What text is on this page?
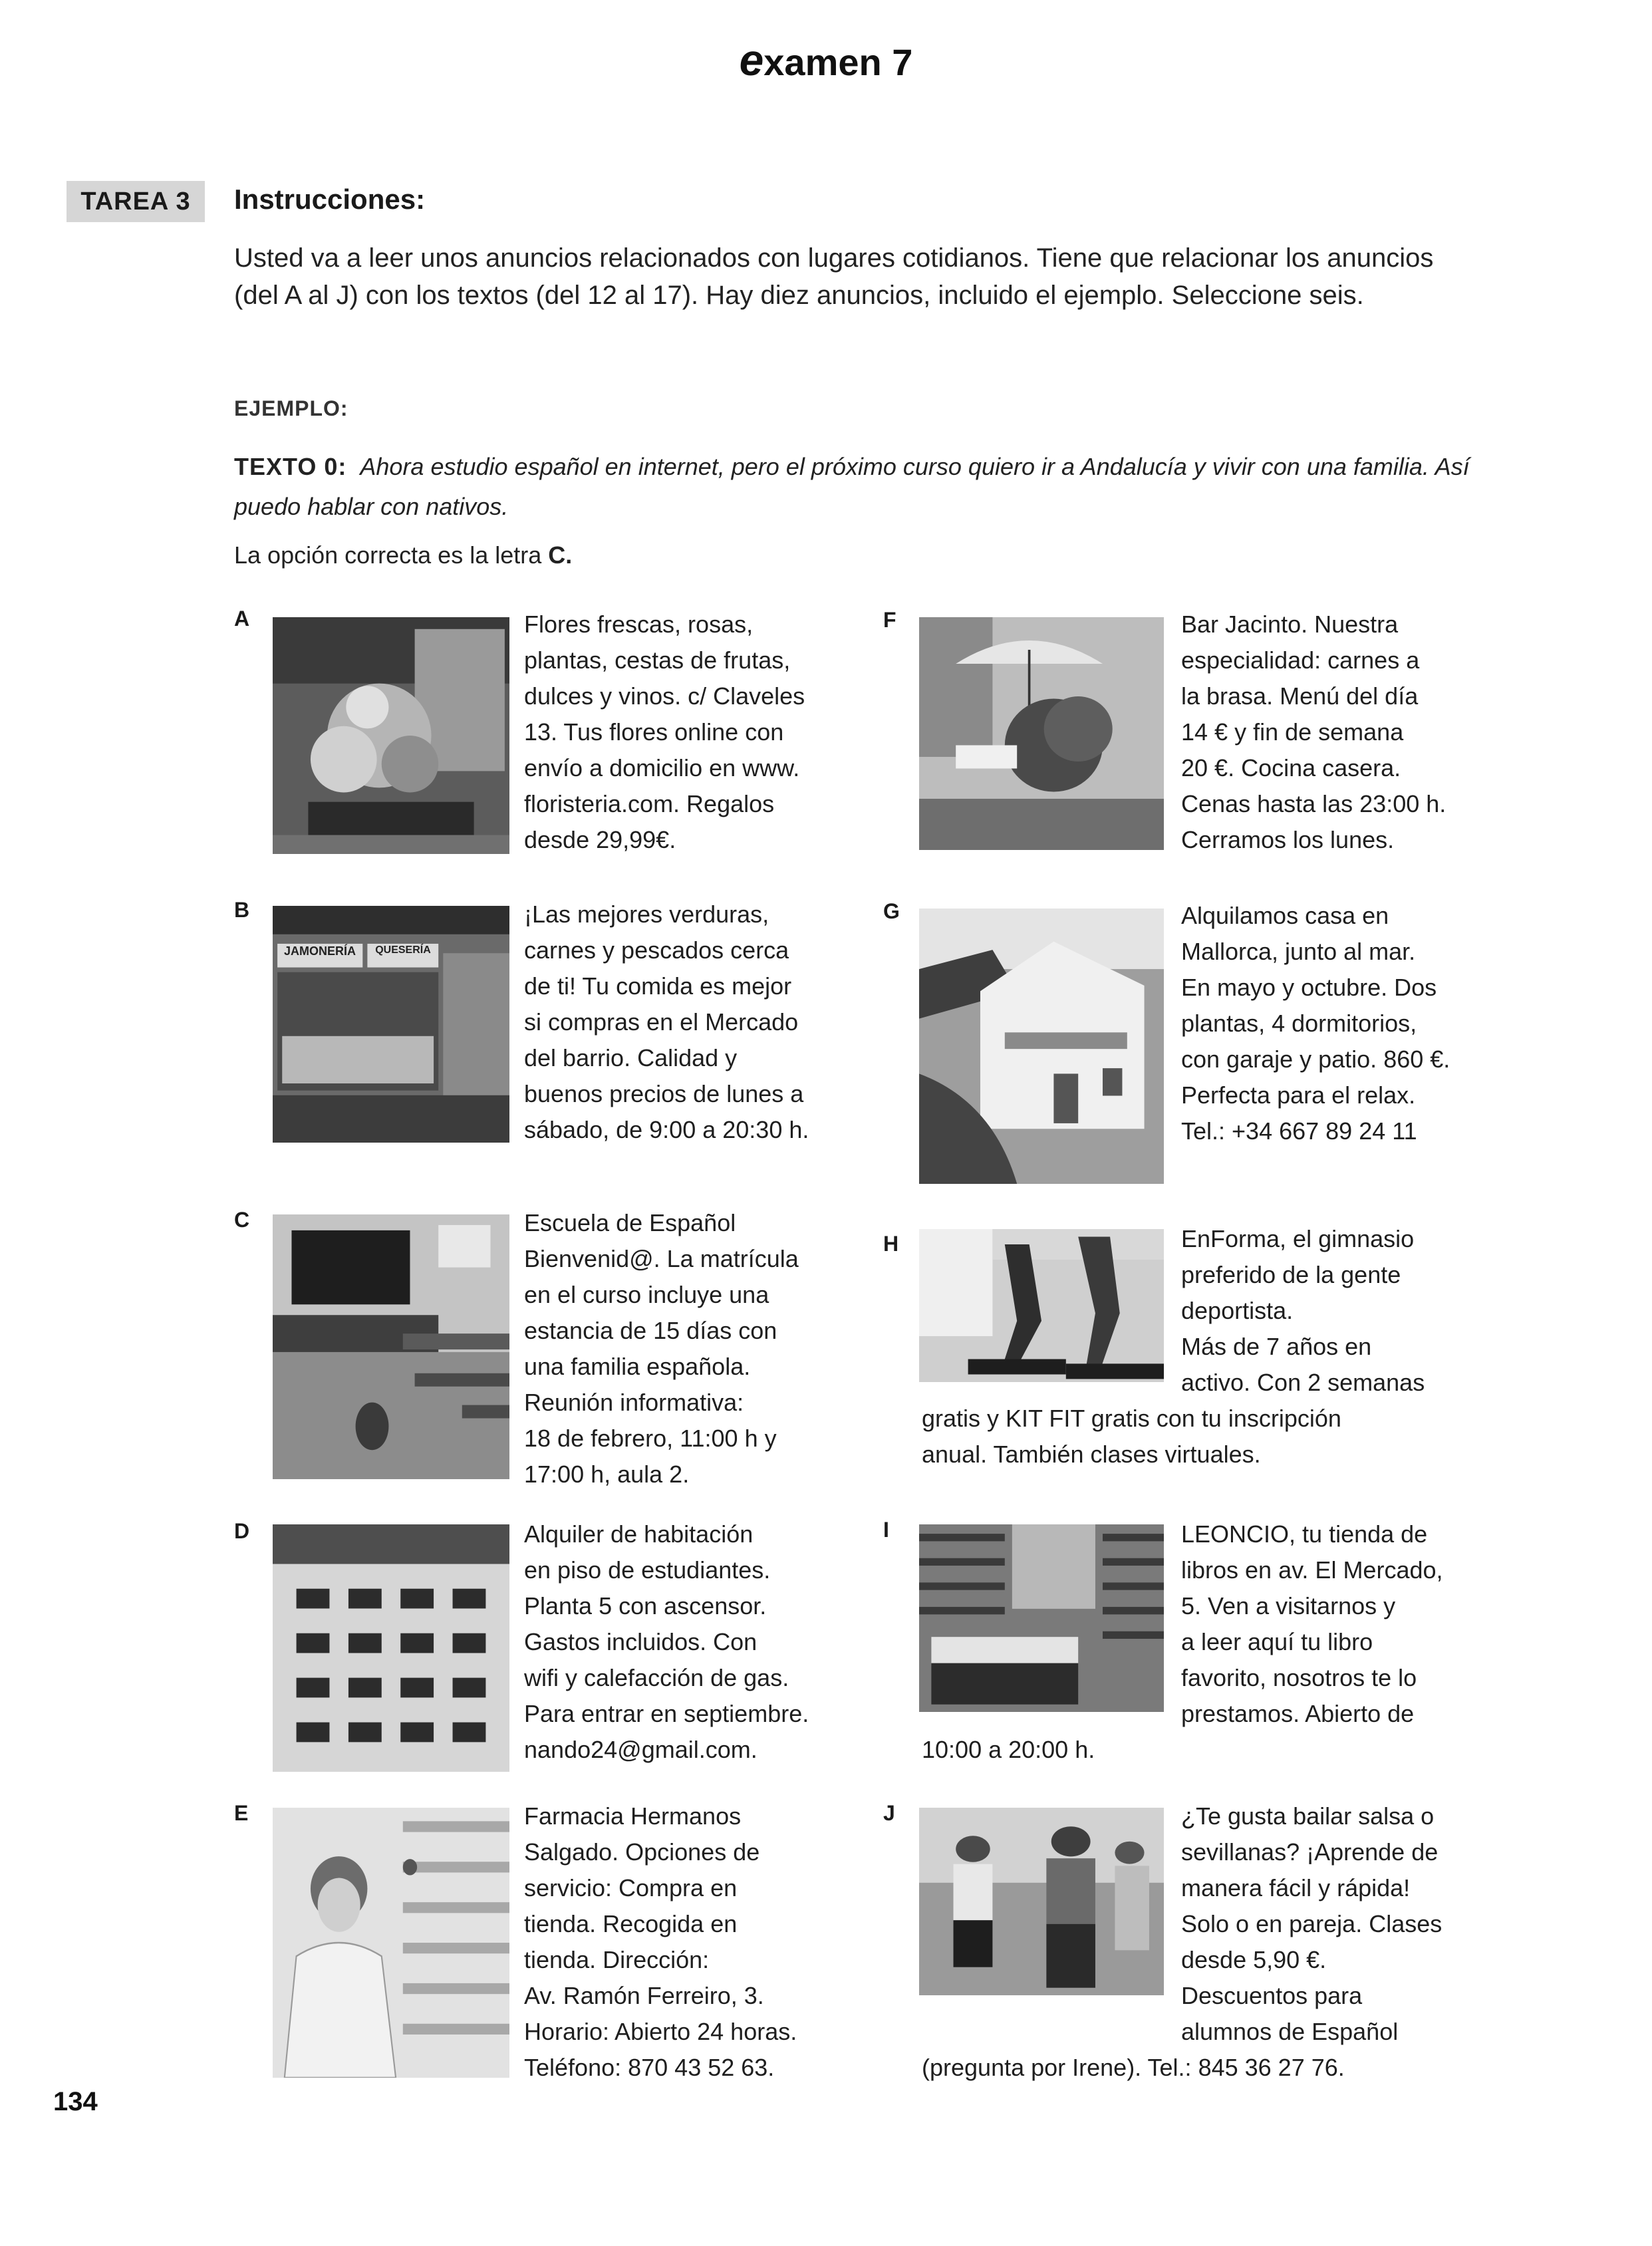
examen 7
TAREA 3	Instrucciones:
Usted va a leer unos anuncios relacionados con lugares cotidianos. Tiene que relacionar los anuncios (del A al J) con los textos (del 12 al 17). Hay diez anuncios, incluido el ejemplo. Seleccione seis.
EJEMPLO:
TEXTO 0: Ahora estudio español en internet, pero el próximo curso quiero ir a Andalucía y vivir con una familia. Así puedo hablar con nativos.
La opción correcta es la letra C.
A	Flores frescas, rosas,
plantas, cestas de frutas,
dulces y vinos. c/ Claveles
13. Tus flores online con
envío a domicilio en www.
floristeria.com. Regalos
desde 29,99€.
B
JAMONERÍA	QUESERÍA
¡Las mejores verduras,
carnes y pescados cerca
de ti! Tu comida es mejor
si compras en el Mercado
del barrio. Calidad y
buenos precios de lunes a
sábado, de 9:00 a 20:30 h.
C	Escuela de Español
Bienvenid@. La matrícula
en el curso incluye una
estancia de 15 días con
una familia española.
Reunión informativa:
18 de febrero, 11:00 h y
17:00 h, aula 2.
D	Alquiler de habitación
en piso de estudiantes.
Planta 5 con ascensor.
Gastos incluidos. Con
wifi y calefacción de gas.
Para entrar en septiembre.
nando24@gmail.com.
E	Farmacia Hermanos
Salgado. Opciones de
servicio: Compra en
tienda. Recogida en
tienda. Dirección:
Av. Ramón Ferreiro, 3.
Horario: Abierto 24 horas.
Teléfono: 870 43 52 63.
F	Bar Jacinto. Nuestra
especialidad: carnes a
la brasa. Menú del día
14 € y fin de semana
20 €. Cocina casera.
Cenas hasta las 23:00 h.
Cerramos los lunes.
G	Alquilamos casa en
Mallorca, junto al mar.
En mayo y octubre. Dos
plantas, 4 dormitorios,
con garaje y patio. 860 €.
Perfecta para el relax.
Tel.: +34 667 89 24 11
H	EnForma, el gimnasio
preferido de la gente
deportista.
Más de 7 años en
activo. Con 2 semanas
gratis y KIT FIT gratis con tu inscripción
anual. También clases virtuales.
I	LEONCIO, tu tienda de
libros en av. El Mercado,
5. Ven a visitarnos y
a leer aquí tu libro
favorito, nosotros te lo
prestamos. Abierto de
10:00 a 20:00 h.
J	¿Te gusta bailar salsa o
sevillanas? ¡Aprende de
manera fácil y rápida!
Solo o en pareja. Clases
desde 5,90 €.
Descuentos para
alumnos de Español
(pregunta por Irene). Tel.: 845 36 27 76.
134
